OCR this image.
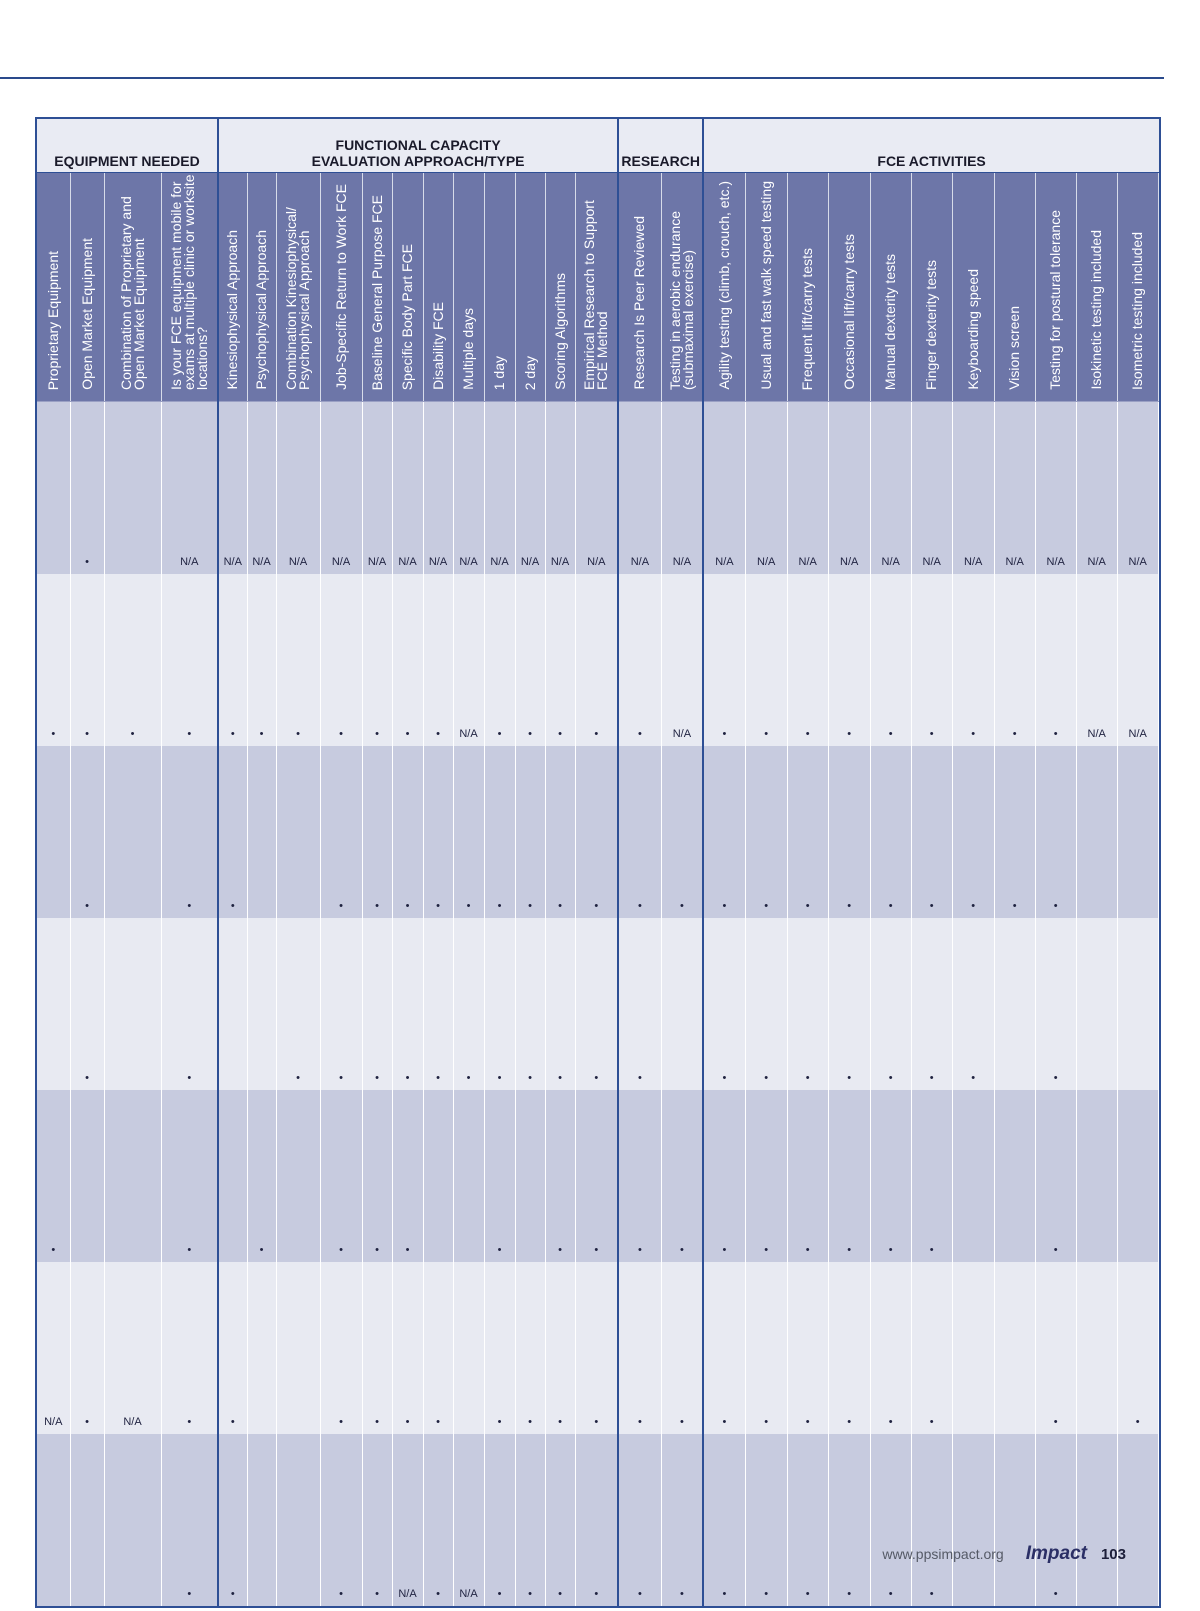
EQUIPMENT NEEDED				FUNCTIONAL CAPACITY EVALUATION APPROACH/TYPE												RESEARCH		FCE ACTIVITIES										
Proprietary Equipment	Open Market Equipment	Combination of Proprietary and Open Market Equipment	Is your FCE equipment mobile for exams at multiple clinic or worksite locations?	Kinesiophysical Approach	Psychophysical Approach	Combination Kinesiophysical/ Psychophysical Approach	Job-Specific Return to Work FCE	Baseline General Purpose FCE	Specific Body Part FCE	Disability FCE	Multiple days	1 day	2 day	Scoring Algorithms	Empirical Research to Support FCE Method	Research Is Peer Reviewed	Testing in aerobic endurance (submaximal exercise)	Agility testing (climb, crouch, etc.)	Usual and fast walk speed testing	Frequent lift/carry tests	Occasional lift/carry tests	Manual dexterity tests	Finger dexterity tests	Keyboarding speed	Vision screen	Testing for postural tolerance	Isokinetic testing included	Isometric testing included
	•		N/A	N/A	N/A	N/A	N/A	N/A	N/A	N/A	N/A	N/A	N/A	N/A	N/A	N/A	N/A	N/A	N/A	N/A	N/A	N/A	N/A	N/A	N/A	N/A	N/A	N/A
•	•	•	•	•	•	•	•	•	•	•	N/A	•	•	•	•	•	N/A	•	•	•	•	•	•	•	•	•	N/A	N/A
	•		•	•			•	•	•	•	•	•	•	•	•	•	•	•	•	•	•	•	•	•	•	•		
	•		•			•	•	•	•	•	•	•	•	•	•	•		•	•	•	•	•	•	•		•		
•			•		•		•	•	•			•		•	•	•	•	•	•	•	•	•	•			•		
N/A	•	N/A	•	•			•	•	•	•		•	•	•	•	•	•	•	•	•	•	•	•			•		•
			•	•			•	•	N/A	•	N/A	•	•	•	•	•	•	•	•	•	•	•	•			•		
www.ppsimpact.org Impact 103
